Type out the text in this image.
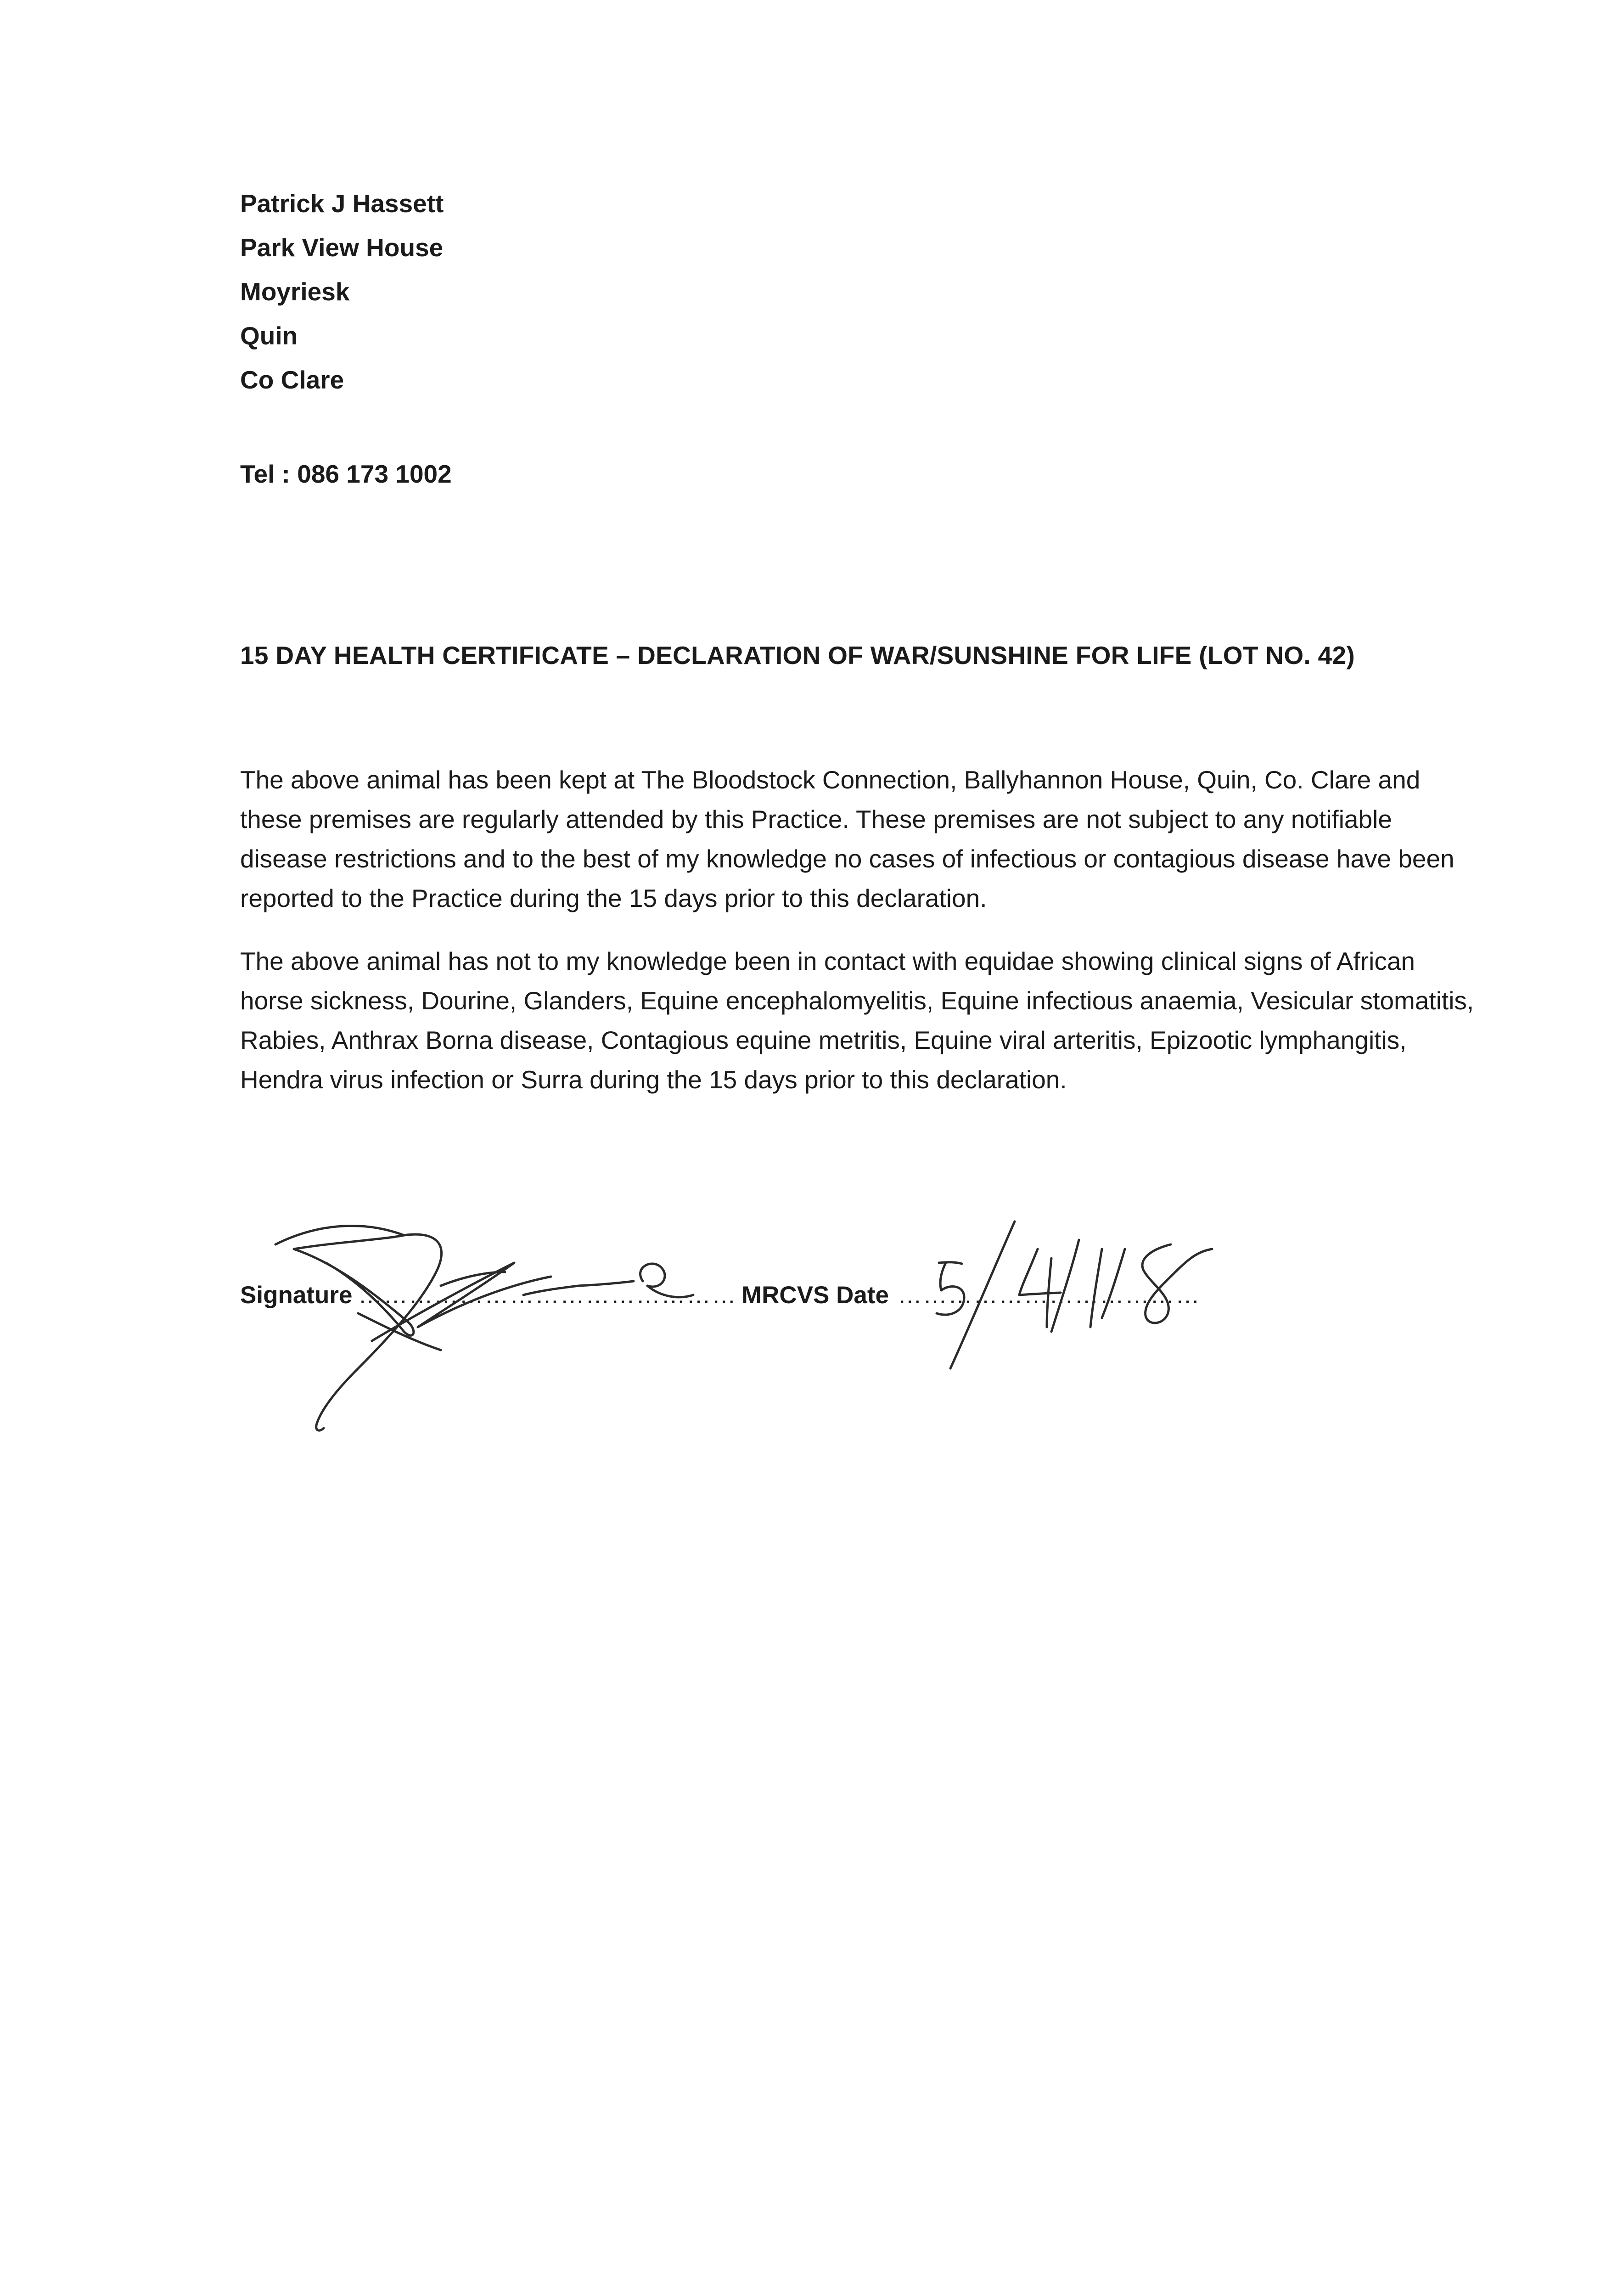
Patrick J Hassett
Park View House
Moyriesk
Quin
Co Clare
Tel : 086 173 1002
15 DAY HEALTH CERTIFICATE – DECLARATION OF WAR/SUNSHINE FOR LIFE (LOT NO. 42)

The above animal has been kept at The Bloodstock Connection, Ballyhannon House, Quin, Co. Clare and these premises are regularly attended by this Practice. These premises are not subject to any notifiable disease restrictions and to the best of my knowledge no cases of infectious or contagious disease have been reported to the Practice during the 15 days prior to this declaration.

The above animal has not to my knowledge been in contact with equidae showing clinical signs of African horse sickness, Dourine, Glanders, Equine encephalomyelitis, Equine infectious anaemia, Vesicular stomatitis, Rabies, Anthrax Borna disease, Contagious equine metritis, Equine viral arteritis, Epizootic lymphangitis, Hendra virus infection or Surra during the 15 days prior to this declaration.

Signature ……………………………………… MRCVS Date ………………………………
